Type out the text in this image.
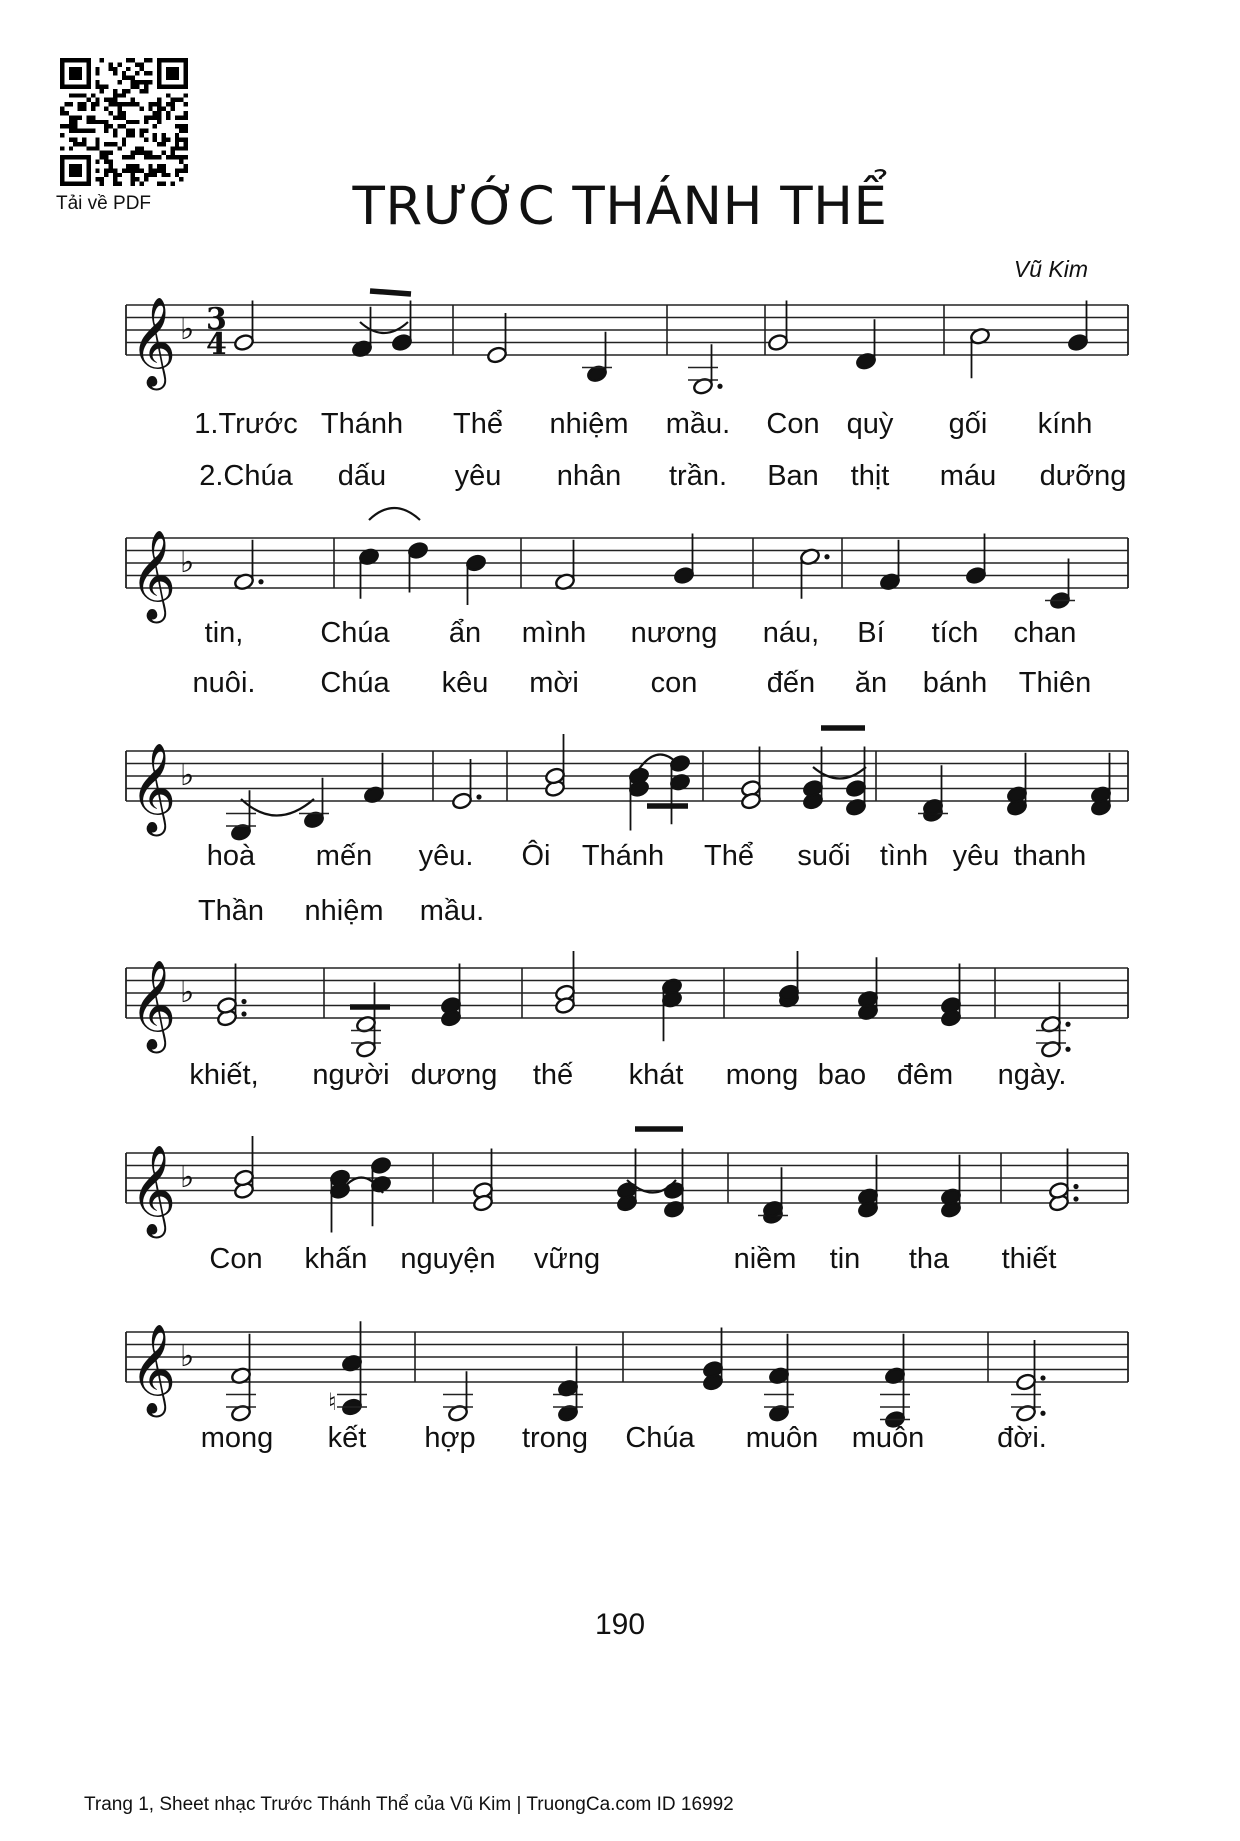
Tải về PDF	TRƯỚC THÁNH THỂ
Vũ Kim
𝄞 ♭ 3
4
𝄞 ♭
𝄞 ♭
𝄞 ♭
𝄞 ♭
𝄞 ♭
♮
1.Trước Thánh Thể nhiệm mầu. Con quỳ gối kính
2.Chúa dấu yêu nhân trần. Ban thịt máu dưỡng
tin,	Chúa ẩn mình nương náu, Bí tích chan
nuôi. Chúa kêu mời con đến ăn bánh Thiên
hoà mến yêu. Ôi Thánh Thể suối tình yêu thanh
Thần nhiệm mầu.
khiết, người dương thế khát mong bao đêm ngày.
Con khấn nguyện vững	niềm tin tha thiết
mong kết hợp trong Chúa muôn muôn	đời.
190
Trang 1, Sheet nhạc Trước Thánh Thể của Vũ Kim | TruongCa.com ID 16992
